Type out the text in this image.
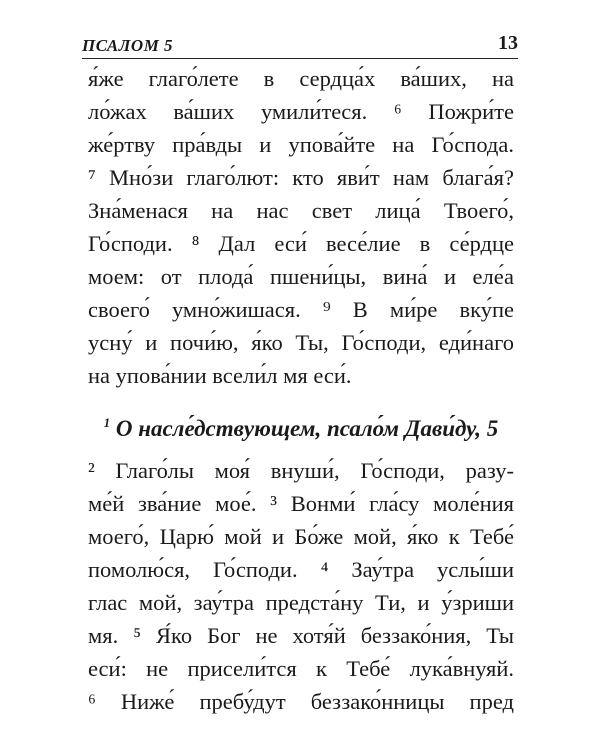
ПСАЛОМ 5	13
я́же глаго́лете в сердца́х ва́ших, на
ло́жах ва́ших умили́тeся. ⁶ Пожри́те
же́ртву пра́вды и упова́йте на Го́спода.
⁷ Мно́зи глаго́лют: кто яви́т нам блага́я?
Зна́менася на нас свет лица́ Твоего́,
Го́споди. ⁸ Дал еси́ весе́лие в се́рдце
моем: от плода́ пшени́цы, вина́ и еле́а
своего́ умно́жишася. ⁹ В ми́ре вку́пе
усну́ и почи́ю, я́ко Ты, Го́споди, еди́наго
на упова́нии всели́л мя еси́.
$^1$ О насле́дствующем, псало́м Дави́ду, 5
² Глаго́лы моя́ внуши́, Го́споди, разу-
ме́й зва́ние мое́. ³ Вонми́ гла́су моле́ния
моего́, Царю́ мой и Бо́же мой, я́ко к Тебе́
помолю́ся, Го́споди. ⁴ Зау́тра услы́ши
глас мой, зау́тра предста́ну Ти, и у́зриши
мя. ⁵ Я́ко Бог не хотя́й беззако́ния, Ты
еси́: не присели́тся к Тебе́ лука́внуяй.
⁶ Ниже́ пребу́дут беззако́нницы пред
